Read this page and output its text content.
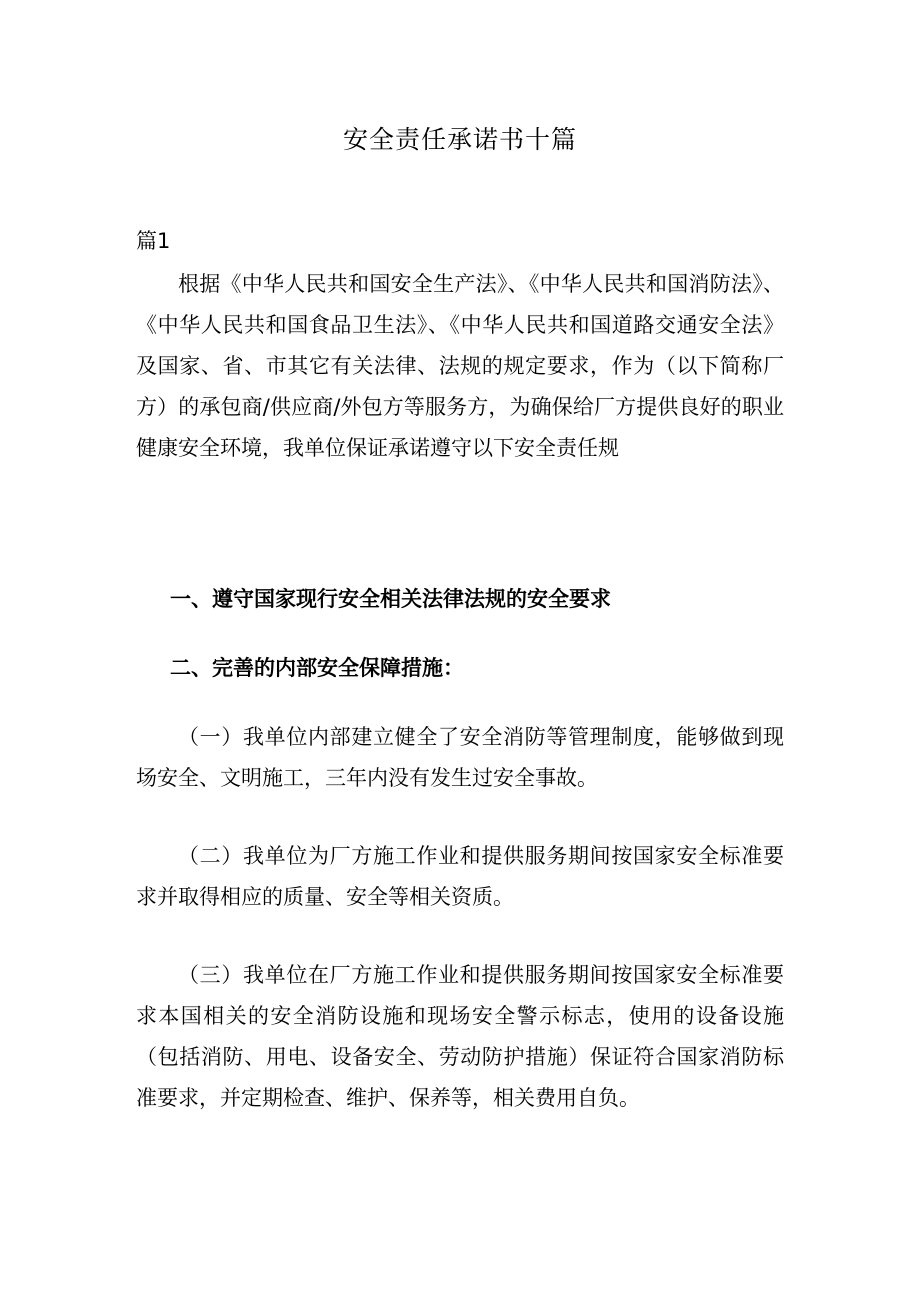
安全责任承诺书十篇
篇1

根据《中华人民共和国安全生产法》、《中华人民共和国消防法》、《中华人民共和国食品卫生法》、《中华人民共和国道路交通安全法》及国家、省、市其它有关法律、法规的规定要求，作为（以下简称厂方）的承包商/供应商/外包方等服务方，为确保给厂方提供良好的职业健康安全环境，我单位保证承诺遵守以下安全责任规

一、遵守国家现行安全相关法律法规的安全要求
二、完善的内部安全保障措施：

（一）我单位内部建立健全了安全消防等管理制度，能够做到现场安全、文明施工，三年内没有发生过安全事故。

（二）我单位为厂方施工作业和提供服务期间按国家安全标准要求并取得相应的质量、安全等相关资质。

（三）我单位在厂方施工作业和提供服务期间按国家安全标准要求本国相关的安全消防设施和现场安全警示标志，使用的设备设施（包括消防、用电、设备安全、劳动防护措施）保证符合国家消防标准要求，并定期检查、维护、保养等，相关费用自负。
